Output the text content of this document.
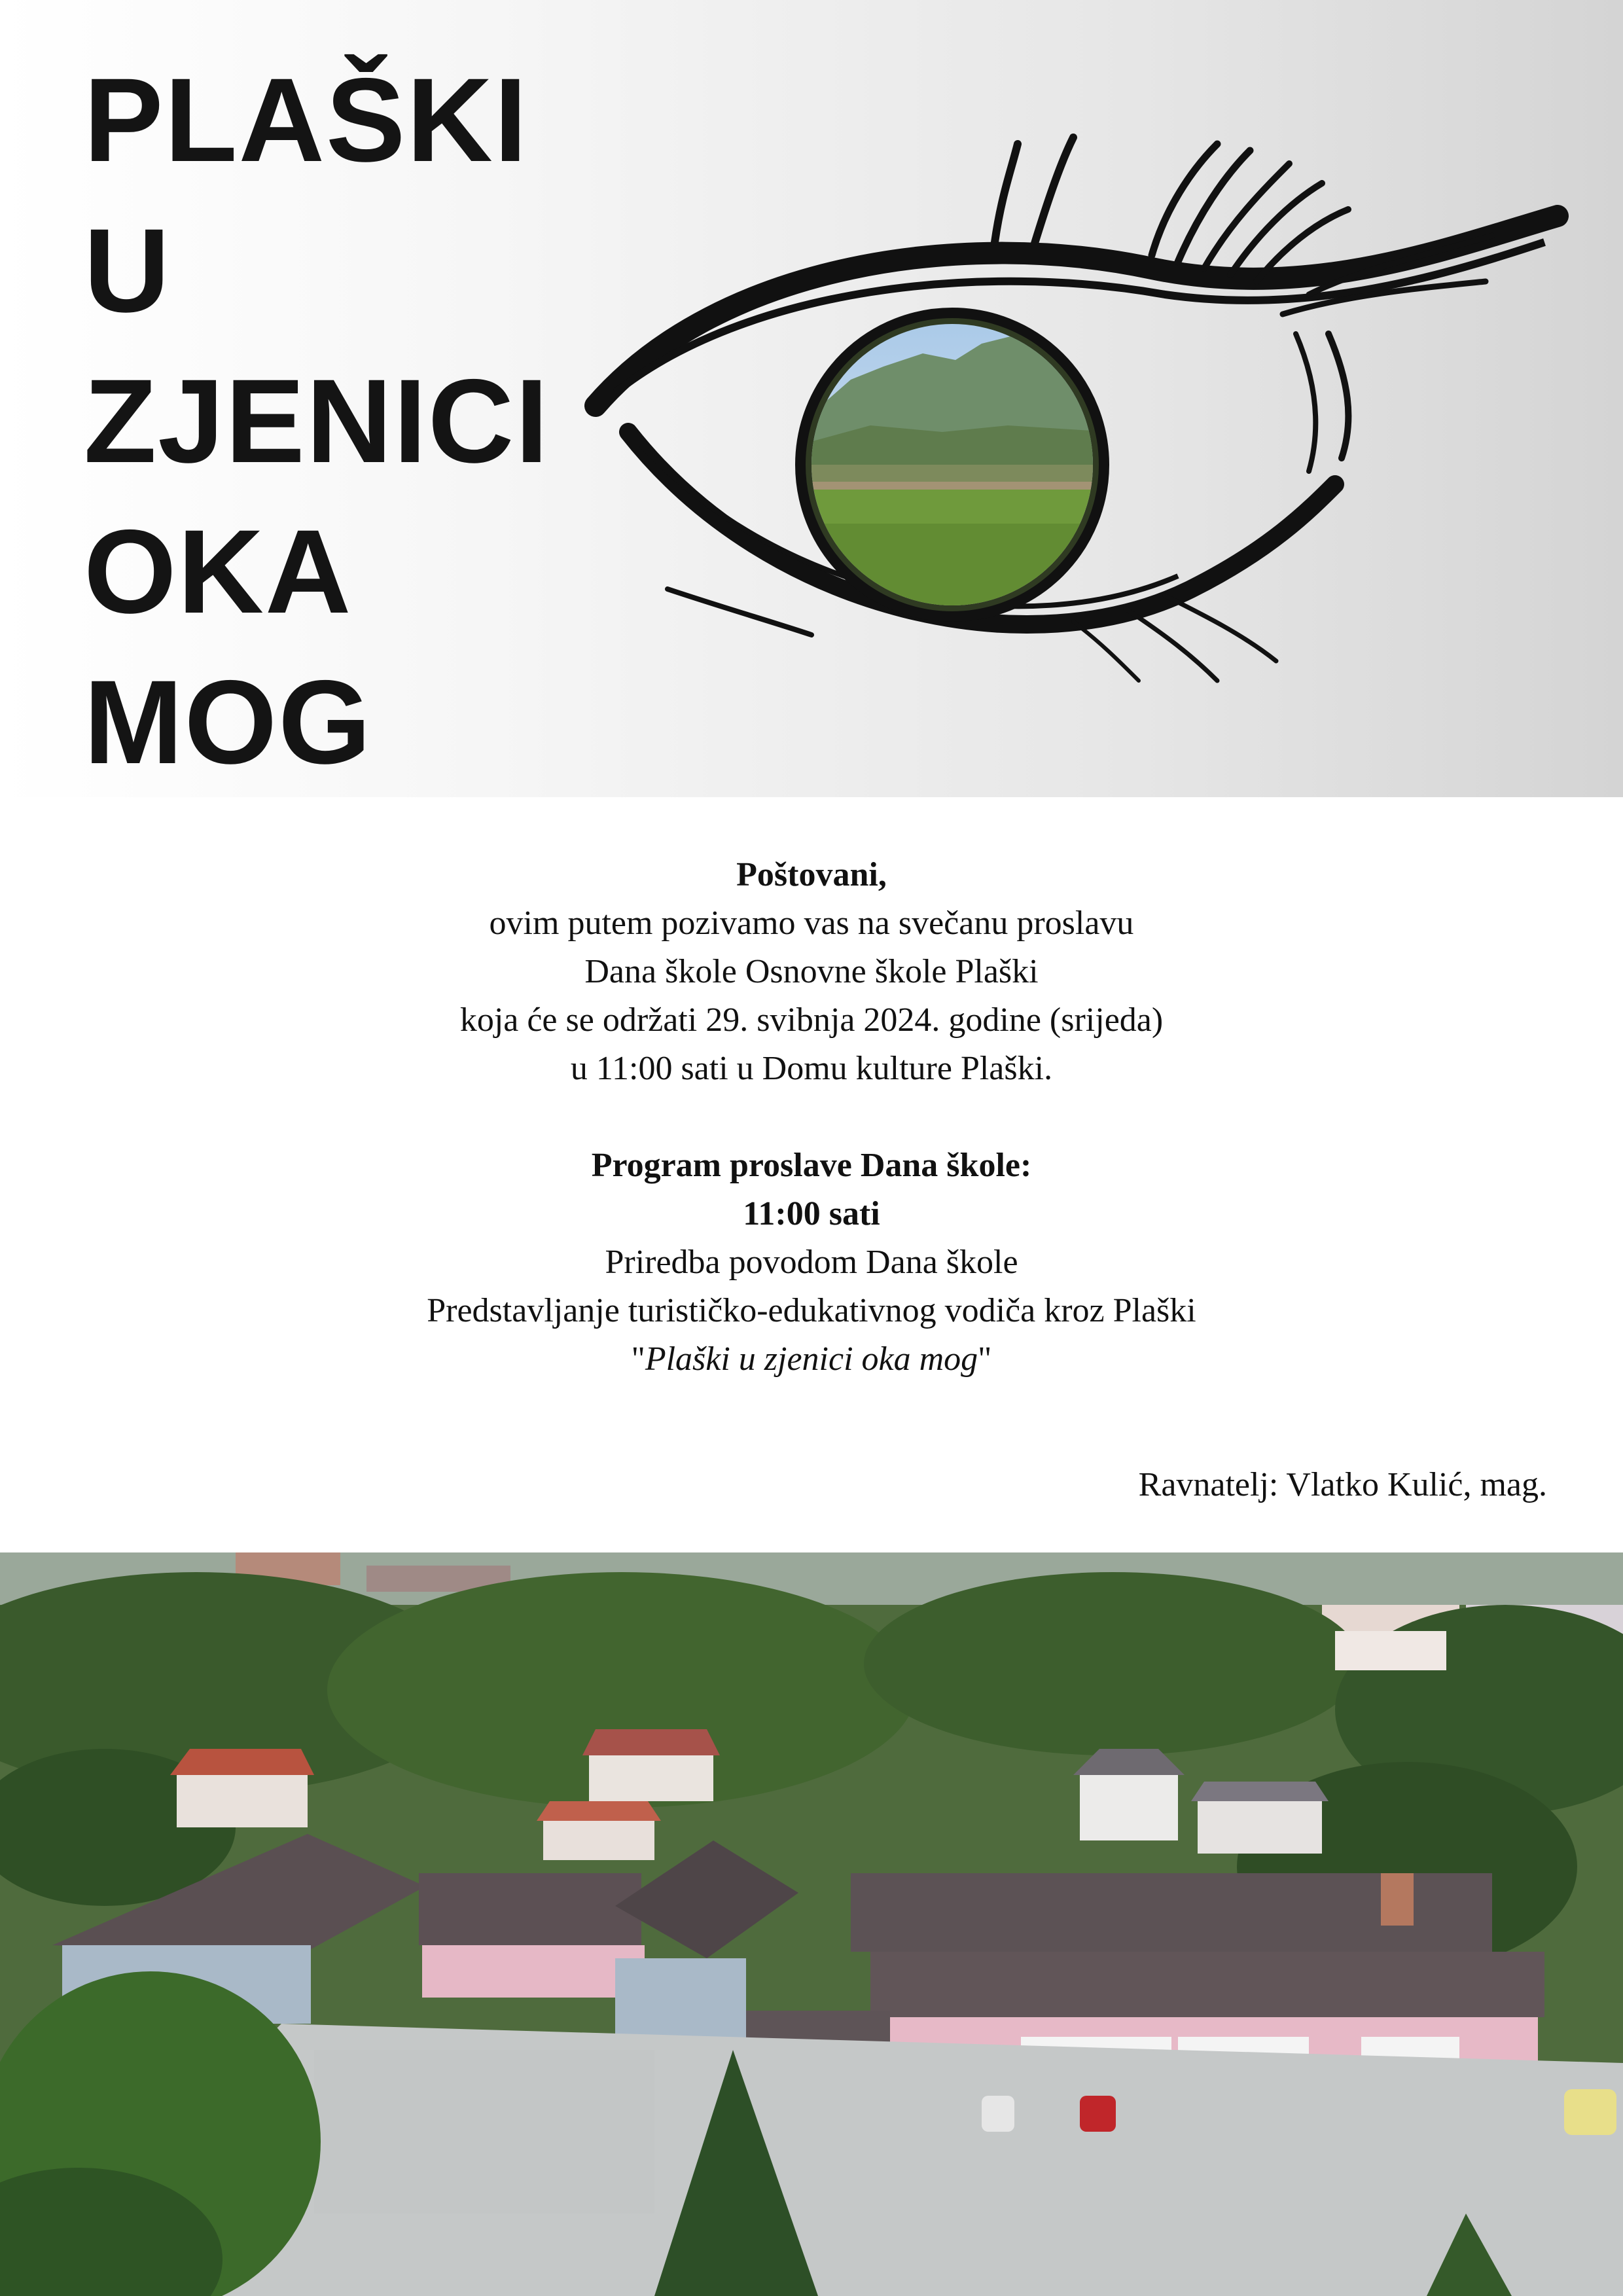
PLAŠKI
U
ZJENICI
OKA
MOG

Poštovani,

ovim putem pozivamo vas na svečanu proslavu

Dana škole Osnovne škole Plaški

koja će se održati 29. svibnja 2024. godine (srijeda)

u 11:00 sati u Domu kulture Plaški.

Program proslave Dana škole:

11:00 sati

Priredba povodom Dana škole

Predstavljanje turističko-edukativnog vodiča kroz Plaški

"Plaški u zjenici oka mog"

Ravnatelj: Vlatko Kulić, mag.
